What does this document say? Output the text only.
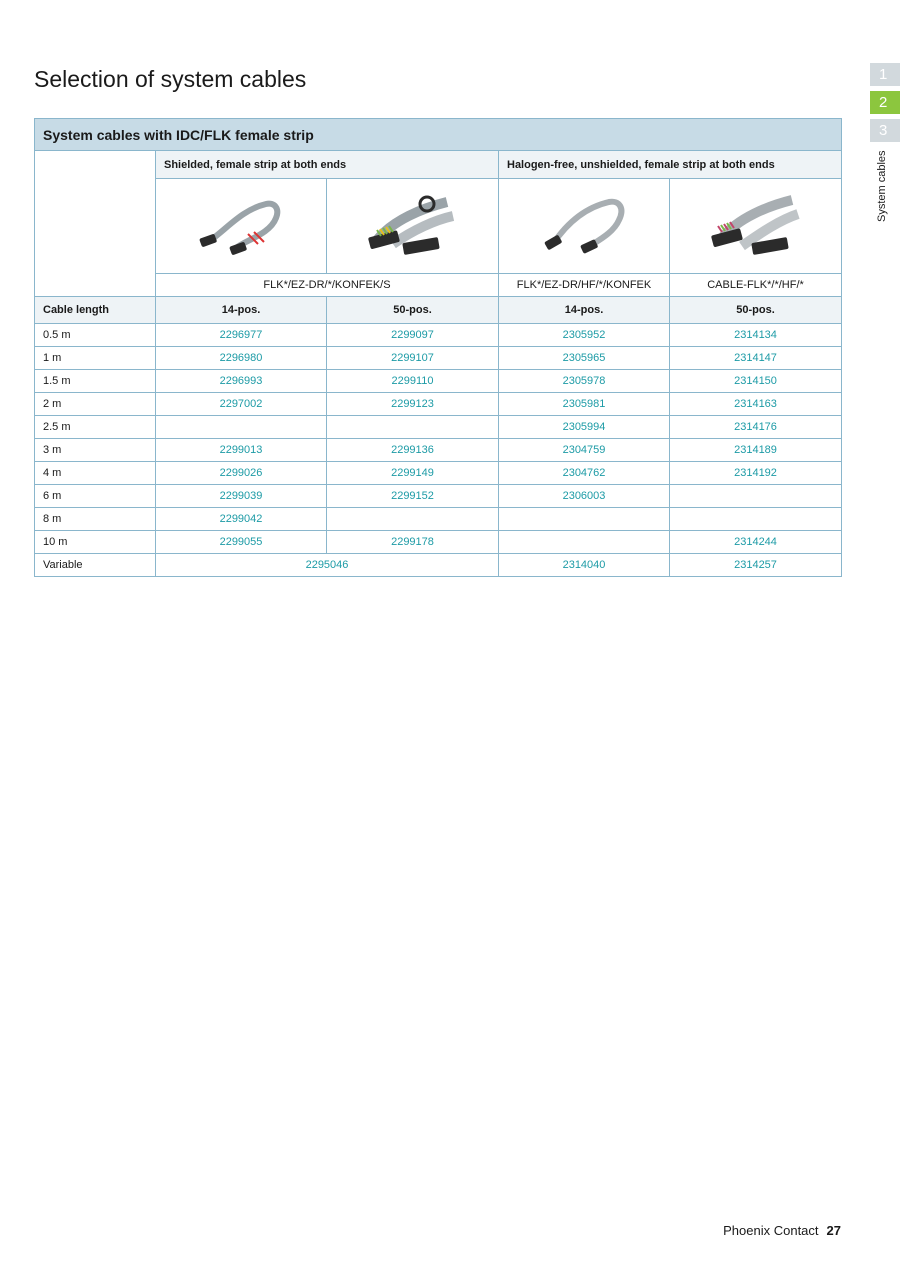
Selection of system cables	1
2
3
System cables
System cables with IDC/FLK female strip				
	Shielded, female strip at both ends		Halogen-free, unshielded, female strip at both ends	

	FLK*/EZ-DR/*/KONFEK/S		FLK*/EZ-DR/HF/*/KONFEK	CABLE-FLK*/*/HF/*
Cable length	14-pos.	50-pos.	14-pos.	50-pos.
0.5 m	2296977	2299097	2305952	2314134
1 m	2296980	2299107	2305965	2314147
1.5 m	2296993	2299110	2305978	2314150
2 m	2297002	2299123	2305981	2314163
2.5 m			2305994	2314176
3 m	2299013	2299136	2304759	2314189
4 m	2299026	2299149	2304762	2314192
6 m	2299039	2299152	2306003	
8 m	2299042			
10 m	2299055	2299178		2314244
Variable	2295046		2314040	2314257
Phoenix Contact 27
